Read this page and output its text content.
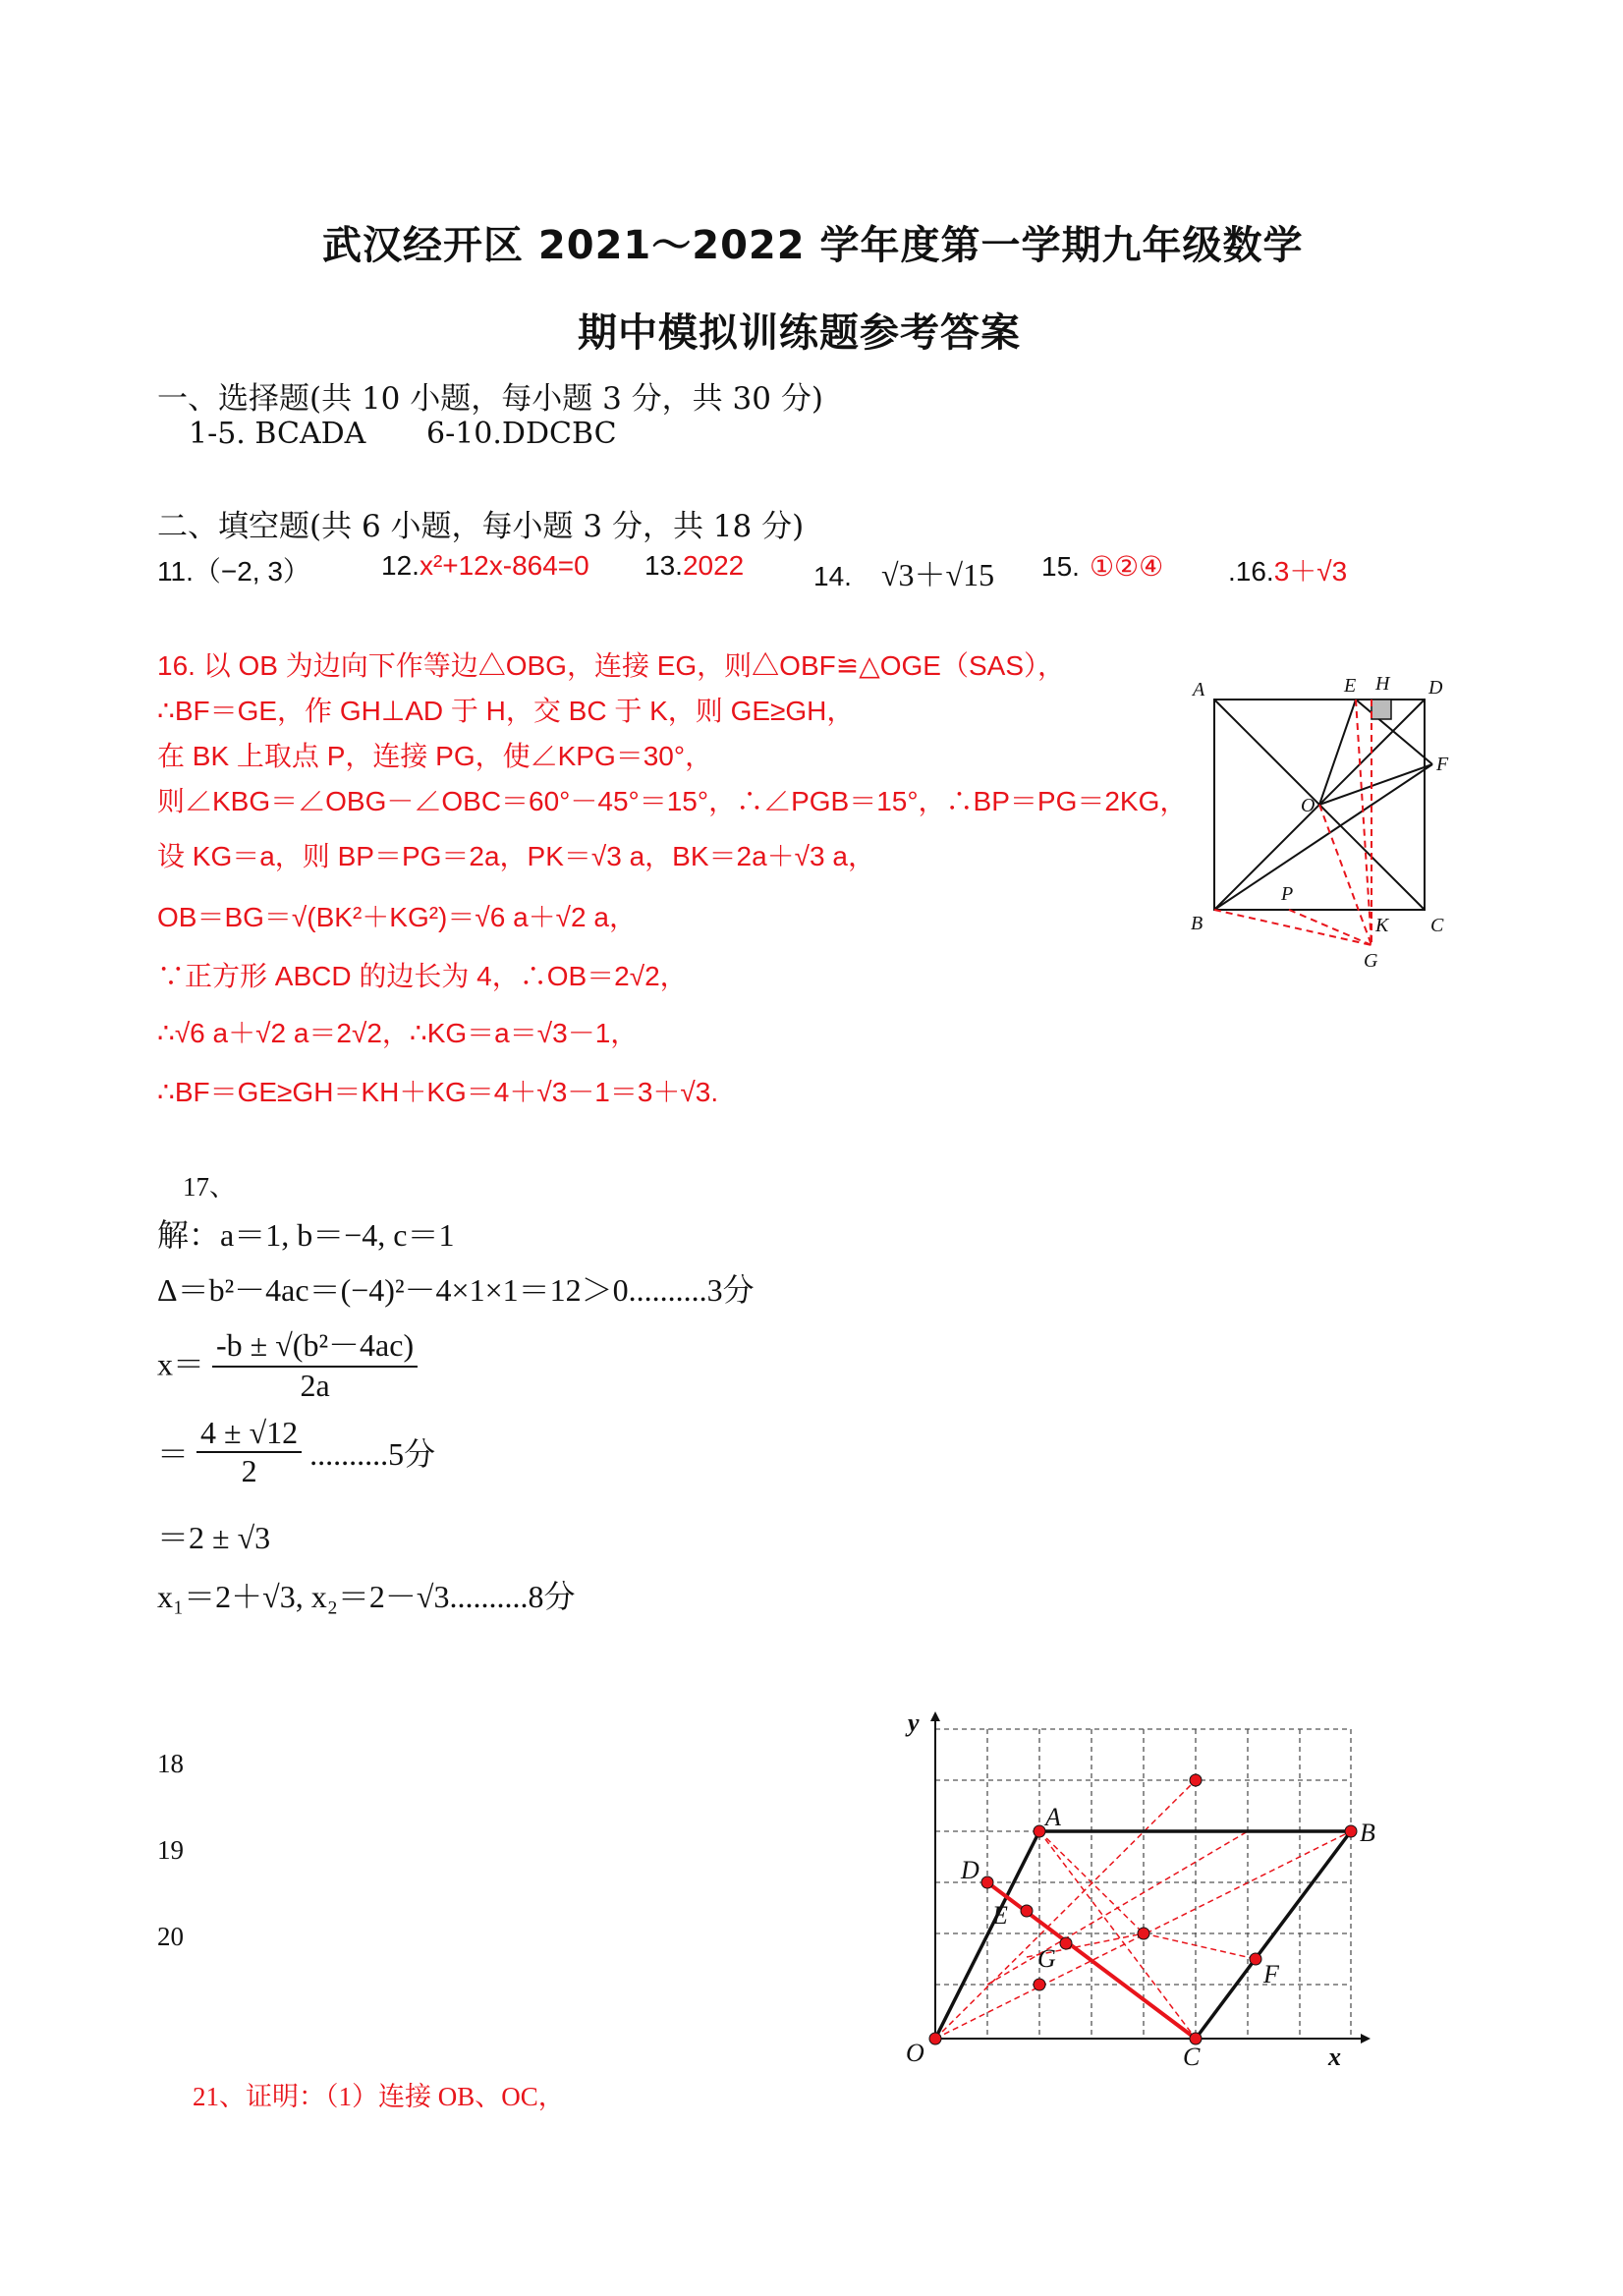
武汉经开区 2021～2022 学年度第一学期九年级数学
期中模拟训练题参考答案
一、选择题(共 10 小题，每小题 3 分，共 30 分)
1-5. BCADA 6-10.DDCBC
二、填空题(共 6 小题，每小题 3 分，共 18 分)
11.（−2, 3）	12.x²+12x-864=0 13.2022	14. √3＋√15 15. ①②④ .16.3＋√3
16. 以 OB 为边向下作等边△OBG，连接 EG，则△OBF≌△OGE（SAS），
∴BF＝GE，作 GH⊥AD 于 H，交 BC 于 K，则 GE≥GH，
在 BK 上取点 P，连接 PG，使∠KPG＝30°，
则∠KBG＝∠OBG－∠OBC＝60°－45°＝15°，∴∠PGB＝15°，∴BP＝PG＝2KG，
设 KG＝a，则 BP＝PG＝2a，PK＝√3 a，BK＝2a＋√3 a，
OB＝BG＝√(BK²＋KG²)＝√6 a＋√2 a，
∵正方形 ABCD 的边长为 4，∴OB＝2√2，
∴√6 a＋√2 a＝2√2，∴KG＝a＝√3－1，
∴BF＝GE≥GH＝KH＋KG＝4＋√3－1＝3＋√3.
A	E H D
F
O
B
P
K C
G
17、
解：a＝1, b＝−4, c＝1
Δ＝b²－4ac＝(−4)²－4×1×1＝12＞0..........3分
$x= \frac{\text{-b ± √(b²－4ac)}}{2a}$
＝ $\frac{4 \pm √12}{2} ..........5$分
＝2 ± √3
x₁＝2＋√3, x₂＝2－√3..........8分
18
19
20
y
x
A
B
D
E
G
F
O	C
21、证明：（1）连接 OB、OC，
